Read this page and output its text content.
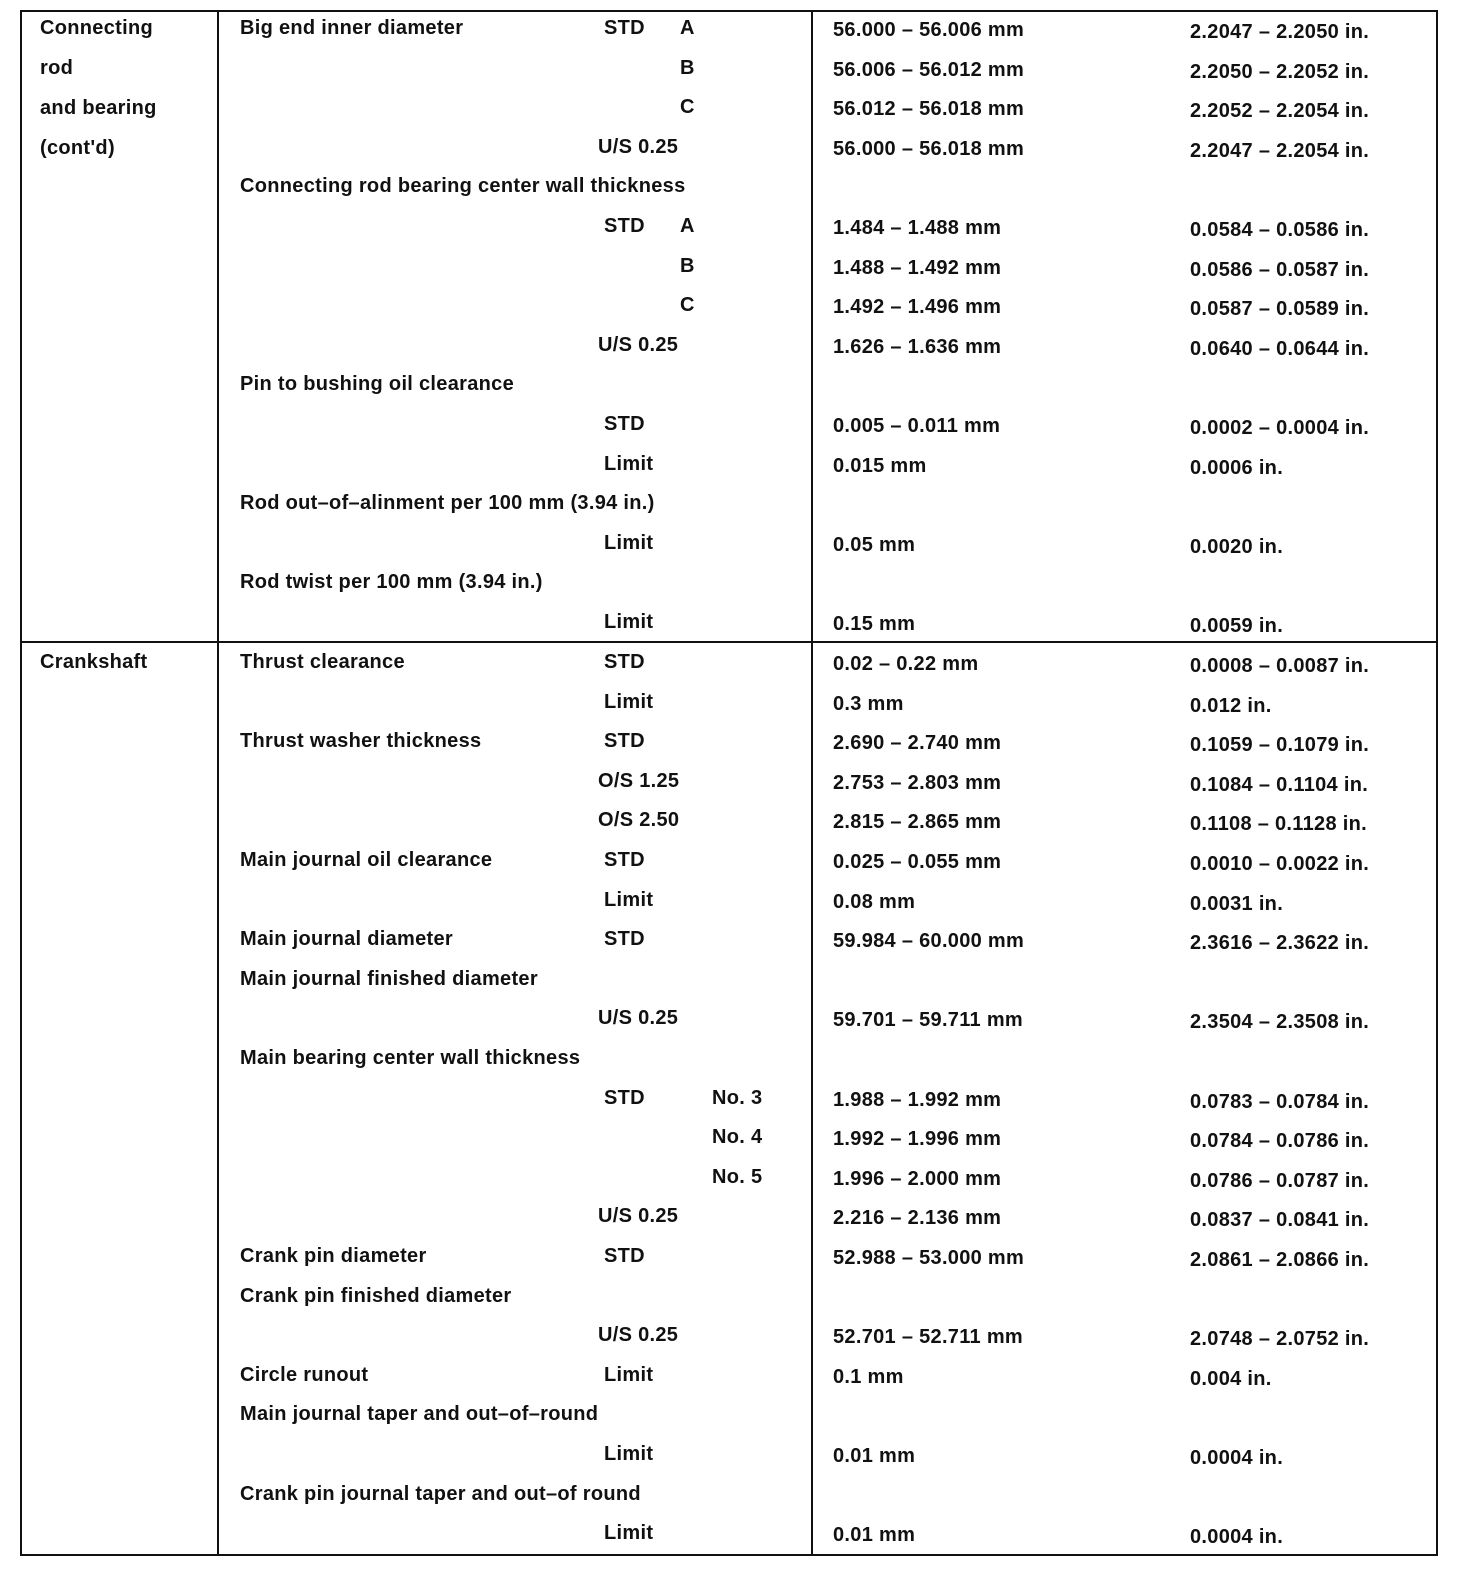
Connecting
rod
and bearing
(cont'd)
Big end inner diameter	STD A	56.000 – 56.006 mm	2.2047 – 2.2050 in.
B	56.006 – 56.012 mm	2.2050 – 2.2052 in.
C	56.012 – 56.018 mm	2.2052 – 2.2054 in.
U/S 0.25	56.000 – 56.018 mm	2.2047 – 2.2054 in.
Connecting rod bearing center wall thickness
STD A	1.484 – 1.488 mm	0.0584 – 0.0586 in.
B	1.488 – 1.492 mm	0.0586 – 0.0587 in.
C	1.492 – 1.496 mm	0.0587 – 0.0589 in.
U/S 0.25	1.626 – 1.636 mm	0.0640 – 0.0644 in.
Pin to bushing oil clearance
STD	0.005 – 0.011 mm	0.0002 – 0.0004 in.
Limit	0.015 mm	0.0006 in.
Rod out–of–alinment per 100 mm (3.94 in.)
Limit	0.05 mm	0.0020 in.
Rod twist per 100 mm (3.94 in.)
Limit	0.15 mm	0.0059 in.
Crankshaft	Thrust clearance	STD	0.02 – 0.22 mm	0.0008 – 0.0087 in.
Limit	0.3 mm	0.012 in.
Thrust washer thickness	STD	2.690 – 2.740 mm	0.1059 – 0.1079 in.
O/S 1.25	2.753 – 2.803 mm	0.1084 – 0.1104 in.
O/S 2.50	2.815 – 2.865 mm	0.1108 – 0.1128 in.
Main journal oil clearance	STD	0.025 – 0.055 mm	0.0010 – 0.0022 in.
Limit	0.08 mm	0.0031 in.
Main journal diameter	STD	59.984 – 60.000 mm	2.3616 – 2.3622 in.
Main journal finished diameter
U/S 0.25	59.701 – 59.711 mm	2.3504 – 2.3508 in.
Main bearing center wall thickness
STD	No. 3	1.988 – 1.992 mm	0.0783 – 0.0784 in.
No. 4	1.992 – 1.996 mm	0.0784 – 0.0786 in.
No. 5	1.996 – 2.000 mm	0.0786 – 0.0787 in.
U/S 0.25	2.216 – 2.136 mm	0.0837 – 0.0841 in.
Crank pin diameter	STD	52.988 – 53.000 mm	2.0861 – 2.0866 in.
Crank pin finished diameter
U/S 0.25	52.701 – 52.711 mm	2.0748 – 2.0752 in.
Circle runout	Limit	0.1 mm	0.004 in.
Main journal taper and out–of–round
Limit	0.01 mm	0.0004 in.
Crank pin journal taper and out–of round
Limit	0.01 mm	0.0004 in.
